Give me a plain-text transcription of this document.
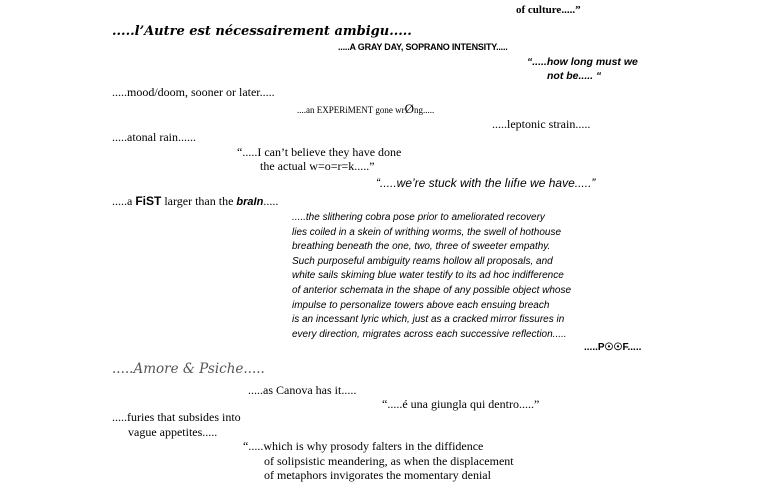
of culture.....”
.....l’Autre est nécessairement ambigu.....
.....A GRAY DAY, SOPRANO INTENSITY.....
“.....how long must we
not be..... “
.....mood/doom, sooner or later.....
....an EXPERiMENT gone wrØng.....
.....leptonic strain.....
.....atonal rain......
“.....I can’t believe they have done
the actual w=o=r=k.....”
“.....we’re stuck with the lıifıe we have.....”
.....a FiST larger than the braIn.....
.....the slithering cobra pose prior to ameliorated recovery
lies coiled in a skein of writhing worms, the swell of hothouse
breathing beneath the one, two, three of sweeter empathy.
Such purposeful ambiguity reams hollow all proposals, and
white sails skiming blue water testify to its ad hoc indifference
of anterior schemata in the shape of any possible object whose
impulse to personalize towers above each ensuing breach
is an incessant lyric which, just as a cracked mirror fissures in
every direction, migrates across each successive reflection.....
.....P☉☉F.....
.....Amore & Psiche.....
.....as Canova has it.....
“.....é una giungla qui dentro.....”
.....furies that subsides into
vague appetites.....
“.....which is why prosody falters in the diffidence
of solipsistic meandering, as when the displacement
of metaphors invigorates the momentary denial
